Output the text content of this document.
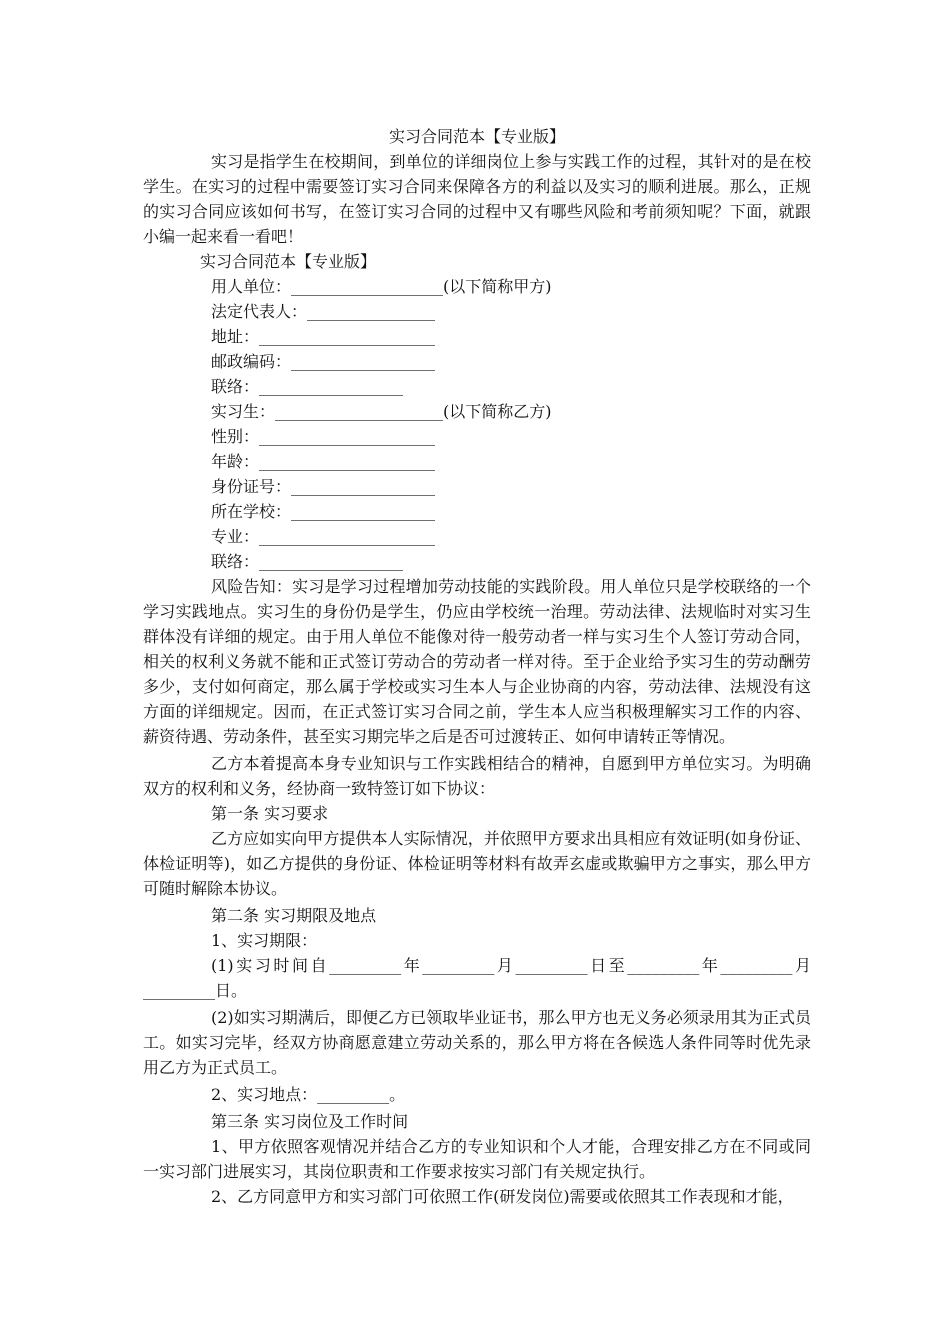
实习合同范本【专业版】
实习是指学生在校期间，到单位的详细岗位上参与实践工作的过程，其针对的是在校学生。在实习的过程中需要签订实习合同来保障各方的利益以及实习的顺利进展。那么，正规的实习合同应该如何书写，在签订实习合同的过程中又有哪些风险和考前须知呢？下面，就跟小编一起来看一看吧！
实习合同范本【专业版】
用人单位：___________________(以下简称甲方)
法定代表人：________________
地址：______________________
邮政编码：__________________
联络：__________________
实习生：_____________________(以下简称乙方)
性别：______________________
年龄：______________________
身份证号：__________________
所在学校：__________________
专业：______________________
联络：__________________
风险告知：实习是学习过程增加劳动技能的实践阶段。用人单位只是学校联络的一个学习实践地点。实习生的身份仍是学生，仍应由学校统一治理。劳动法律、法规临时对实习生群体没有详细的规定。由于用人单位不能像对待一般劳动者一样与实习生个人签订劳动合同，相关的权利义务就不能和正式签订劳动合的劳动者一样对待。至于企业给予实习生的劳动酬劳多少，支付如何商定，那么属于学校或实习生本人与企业协商的内容，劳动法律、法规没有这方面的详细规定。因而，在正式签订实习合同之前，学生本人应当积极理解实习工作的内容、薪资待遇、劳动条件，甚至实习期完毕之后是否可过渡转正、如何申请转正等情况。
乙方本着提高本身专业知识与工作实践相结合的精神，自愿到甲方单位实习。为明确双方的权利和义务，经协商一致特签订如下协议：
第一条 实习要求
乙方应如实向甲方提供本人实际情况，并依照甲方要求出具相应有效证明(如身份证、体检证明等)，如乙方提供的身份证、体检证明等材料有故弄玄虚或欺骗甲方之事实，那么甲方可随时解除本协议。
第二条 实习期限及地点
1、实习期限：
(1)实习时间自_________年_________月_________日至_________年_________月_________日。
(2)如实习期满后，即便乙方已领取毕业证书，那么甲方也无义务必须录用其为正式员工。如实习完毕，经双方协商愿意建立劳动关系的，那么甲方将在各候选人条件同等时优先录用乙方为正式员工。
2、实习地点：_________。
第三条 实习岗位及工作时间
1、甲方依照客观情况并结合乙方的专业知识和个人才能，合理安排乙方在不同或同一实习部门进展实习，其岗位职责和工作要求按实习部门有关规定执行。
2、乙方同意甲方和实习部门可依照工作(研发岗位)需要或依照其工作表现和才能，
